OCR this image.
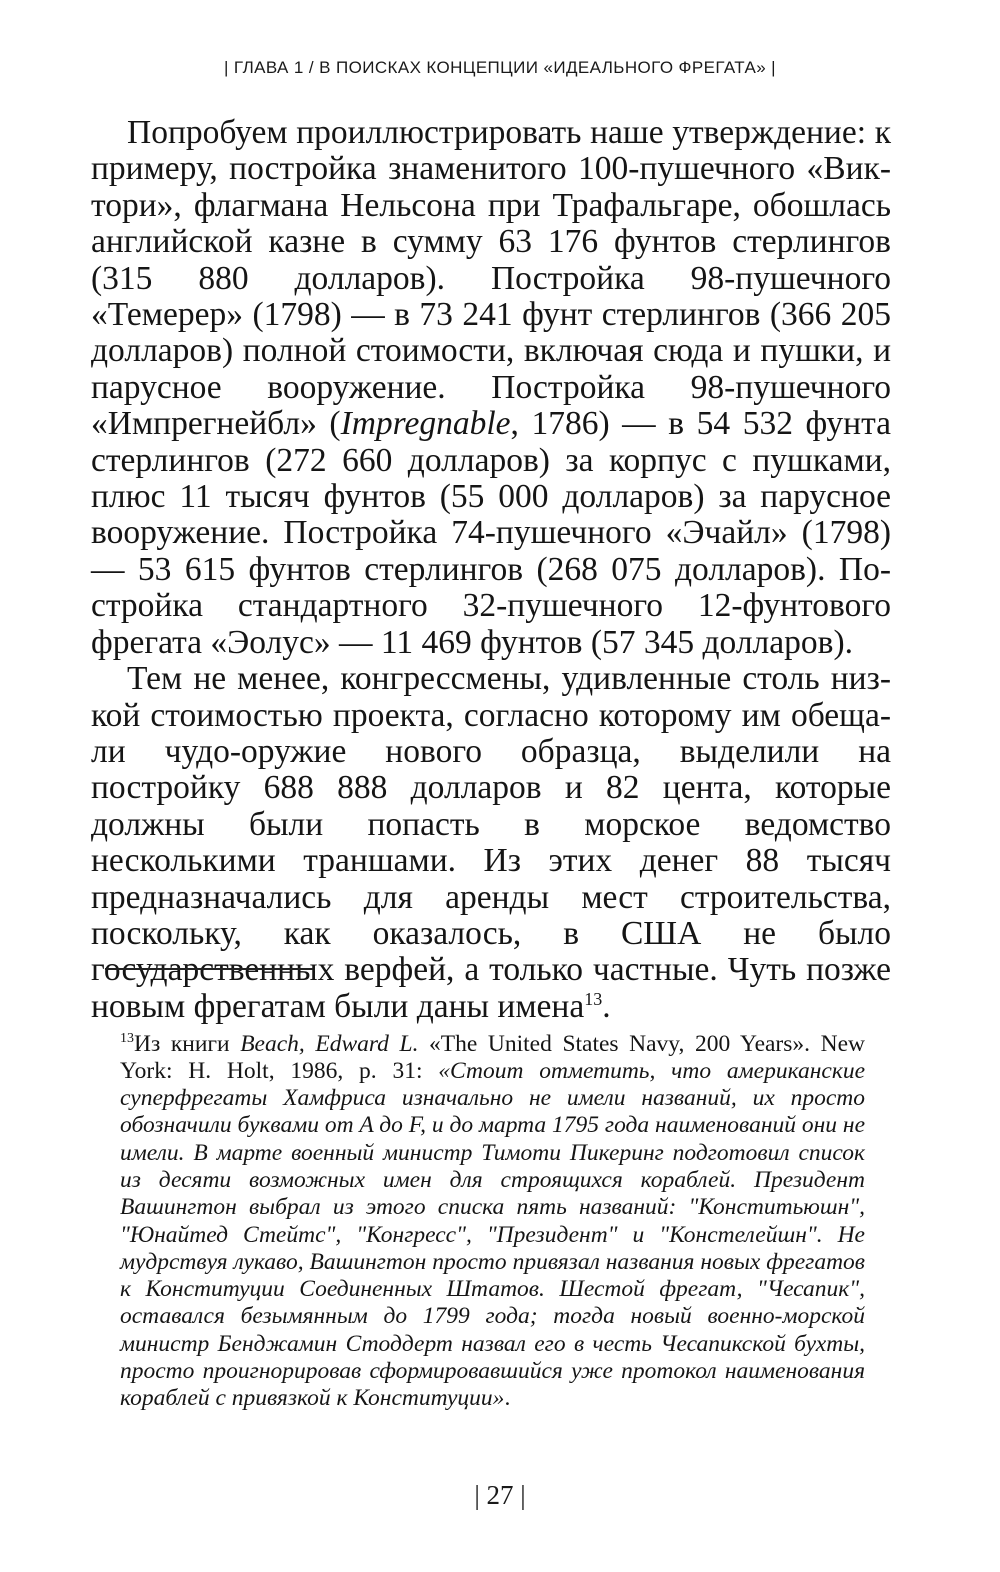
| ГЛАВА 1 / В ПОИСКАХ КОНЦЕПЦИИ «ИДЕАЛЬНОГО ФРЕГАТА» |

Попробуем проиллюстрировать наше утверждение: к примеру, постройка знаменитого 100-пушечного «Виктори», флагмана Нельсона при Трафальгаре, обошлась английской казне в сумму 63 176 фунтов стерлингов (315 880 долларов). Постройка 98-пушечного «Темерер» (1798) — в 73 241 фунт стерлингов (366 205 долларов) полной стоимости, включая сюда и пушки, и парусное вооружение. Постройка 98-пушечного «Импрегнейбл» (Impregnable, 1786) — в 54 532 фунта стерлингов (272 660 долларов) за корпус с пушками, плюс 11 тысяч фунтов (55 000 долларов) за парусное вооружение. Постройка 74-пушечного «Эчайл» (1798) — 53 615 фунтов стерлингов (268 075 долларов). Постройка стандартного 32-пушечного 12-фунтового фрегата «Эолус» — 11 469 фунтов (57 345 долларов).

Тем не менее, конгрессмены, удивленные столь низкой стоимостью проекта, согласно которому им обещали чудо-оружие нового образца, выделили на постройку 688 888 долларов и 82 цента, которые должны были попасть в морское ведомство несколькими траншами. Из этих денег 88 тысяч предназначались для аренды мест строительства, поскольку, как оказалось, в США не было государственных верфей, а только частные. Чуть позже новым фрегатам были даны имена$^{13}$.

$^{13}$Из книги Beach, Edward L. «The United States Navy, 200 Years». New York: H. Holt, 1986, p. 31: «Стоит отметить, что американские суперфрегаты Хамфриса изначально не имели названий, их просто обозначили буквами от A до F, и до марта 1795 года наименований они не имели. В марте военный министр Тимоти Пикеринг подготовил список из десяти возможных имен для строящихся кораблей. Президент Вашингтон выбрал из этого списка пять названий: "Конститьюшн", "Юнайтед Стейтс", "Конгресс", "Президент" и "Констелейшн". Не мудрствуя лукаво, Вашингтон просто привязал названия новых фрегатов к Конституции Соединенных Штатов. Шестой фрегат, "Чесапик", оставался безымянным до 1799 года; тогда новый военно-морской министр Бенджамин Стоддерт назвал его в честь Чесапикской бухты, просто проигнорировав сформировавшийся уже протокол наименования кораблей с привязкой к Конституции».

| 27 |
